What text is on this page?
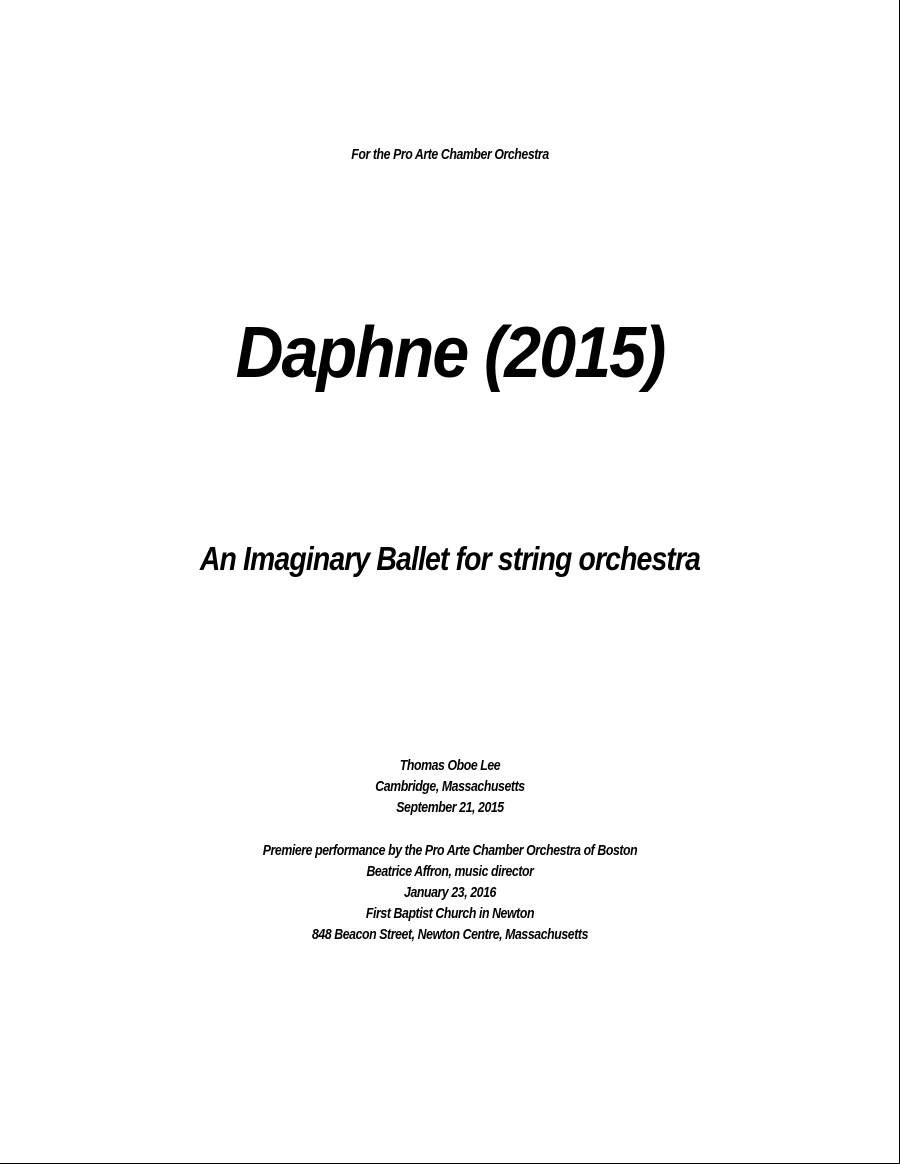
For the Pro Arte Chamber Orchestra
Daphne (2015)
An Imaginary Ballet for string orchestra
Thomas Oboe Lee
Cambridge, Massachusetts
September 21, 2015
Premiere performance by the Pro Arte Chamber Orchestra of Boston
Beatrice Affron, music director
January 23, 2016
First Baptist Church in Newton
848 Beacon Street, Newton Centre, Massachusetts
